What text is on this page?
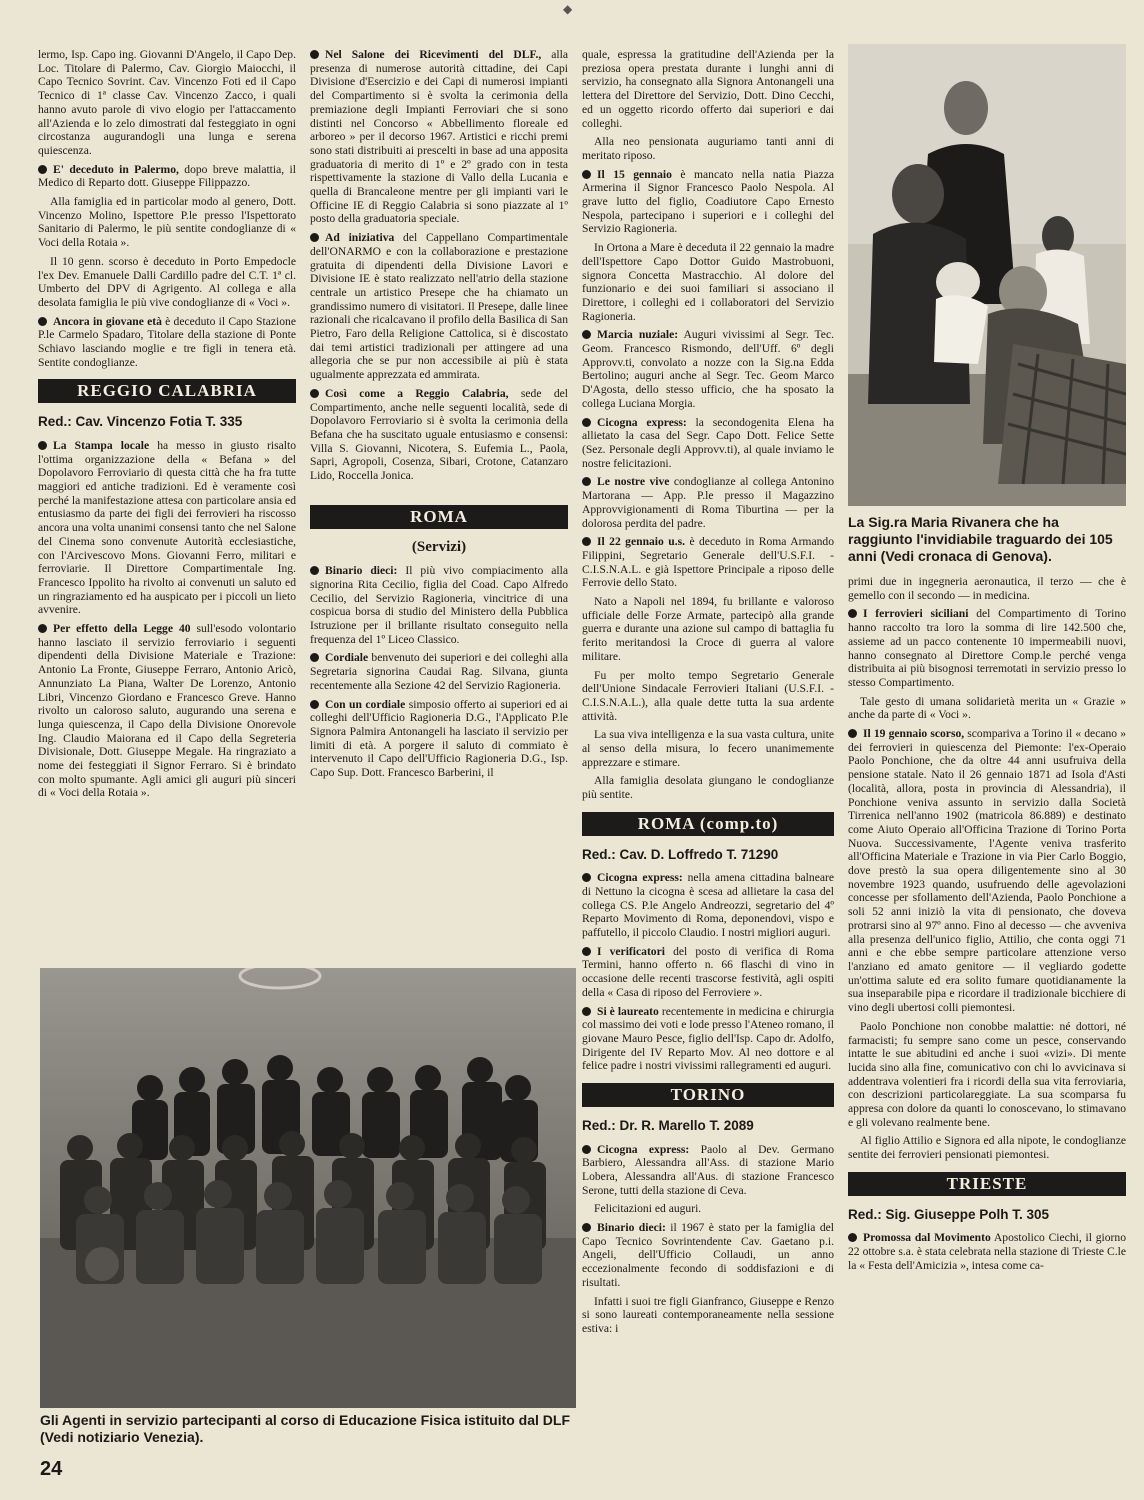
◆

lermo, Isp. Capo ing. Giovanni D'Angelo, il Capo Dep. Loc. Titolare di Palermo, Cav. Giorgio Maiocchi, il Capo Tecnico Sovrint. Cav. Vincenzo Foti ed il Capo Tecnico di 1ª classe Cav. Vincenzo Zacco, i quali hanno avuto parole di vivo elogio per l'attaccamento all'Azienda e lo zelo dimostrati dal festeggiato in ogni circostanza augurandogli una lunga e serena quiescenza.

E' deceduto in Palermo, dopo breve malattia, il Medico di Reparto dott. Giuseppe Filippazzo.

Alla famiglia ed in particolar modo al genero, Dott. Vincenzo Molino, Ispettore P.le presso l'Ispettorato Sanitario di Palermo, le più sentite condoglianze di « Voci della Rotaia ».

Il 10 genn. scorso è deceduto in Porto Empedocle l'ex Dev. Emanuele Dalli Cardillo padre del C.T. 1ª cl. Umberto del DPV di Agrigento. Al collega e alla desolata famiglia le più vive condoglianze di « Voci ».

Ancora in giovane età è deceduto il Capo Stazione P.le Carmelo Spadaro, Titolare della stazione di Ponte Schiavo lasciando moglie e tre figli in tenera età. Sentite condoglianze.

REGGIO CALABRIA
Red.: Cav. Vincenzo Fotia T. 335

La Stampa locale ha messo in giusto risalto l'ottima organizzazione della « Befana » del Dopolavoro Ferroviario di questa città che ha fra tutte maggiori ed antiche tradizioni. Ed è veramente così perché la manifestazione attesa con particolare ansia ed entusiasmo da parte dei figli dei ferrovieri ha riscosso ancora una volta unanimi consensi tanto che nel Salone del Cinema sono convenute Autorità ecclesiastiche, con l'Arcivescovo Mons. Giovanni Ferro, militari e ferroviarie. Il Direttore Compartimentale Ing. Francesco Ippolito ha rivolto ai convenuti un saluto ed un ringraziamento ed ha auspicato per i piccoli un lieto avvenire.

Per effetto della Legge 40 sull'esodo volontario hanno lasciato il servizio ferroviario i seguenti dipendenti della Divisione Materiale e Trazione: Antonio La Fronte, Giuseppe Ferraro, Antonio Aricò, Annunziato La Piana, Walter De Lorenzo, Antonio Libri, Vincenzo Giordano e Francesco Greve. Hanno rivolto un caloroso saluto, augurando una serena e lunga quiescenza, il Capo della Divisione Onorevole Ing. Claudio Maiorana ed il Capo della Segreteria Divisionale, Dott. Giuseppe Megale. Ha ringraziato a nome dei festeggiati il Signor Ferraro. Si è brindato con molto spumante. Agli amici gli auguri più sinceri di « Voci della Rotaia ».

Nel Salone dei Ricevimenti del DLF., alla presenza di numerose autorità cittadine, dei Capi Divisione d'Esercizio e dei Capi di numerosi impianti del Compartimento si è svolta la cerimonia della premiazione degli Impianti Ferroviari che si sono distinti nel Concorso « Abbellimento floreale ed arboreo » per il decorso 1967. Artistici e ricchi premi sono stati distribuiti ai prescelti in base ad una apposita graduatoria di merito di 1º e 2º grado con in testa rispettivamente la stazione di Vallo della Lucania e quella di Brancaleone mentre per gli impianti vari le Officine IE di Reggio Calabria si sono piazzate al 1º posto della graduatoria speciale.

Ad iniziativa del Cappellano Compartimentale dell'ONARMO e con la collaborazione e prestazione gratuita di dipendenti della Divisione Lavori e Divisione IE è stato realizzato nell'atrio della stazione centrale un artistico Presepe che ha chiamato un grandissimo numero di visitatori. Il Presepe, dalle linee razionali che ricalcavano il profilo della Basilica di San Pietro, Faro della Religione Cattolica, si è discostato dai temi artistici tradizionali per attingere ad una allegoria che se pur non accessibile ai più è stata ugualmente apprezzata ed ammirata.

Così come a Reggio Calabria, sede del Compartimento, anche nelle seguenti località, sede di Dopolavoro Ferroviario si è svolta la cerimonia della Befana che ha suscitato uguale entusiasmo e consensi: Villa S. Giovanni, Nicotera, S. Eufemia L., Paola, Sapri, Agropoli, Cosenza, Sibari, Crotone, Catanzaro Lido, Roccella Jonica.

ROMA
(Servizi)

Binario dieci: Il più vivo compiacimento alla signorina Rita Cecilio, figlia del Coad. Capo Alfredo Cecilio, del Servizio Ragioneria, vincitrice di una cospicua borsa di studio del Ministero della Pubblica Istruzione per il brillante risultato conseguito nella frequenza del 1º Liceo Classico.

Cordiale benvenuto dei superiori e dei colleghi alla Segretaria signorina Caudai Rag. Silvana, giunta recentemente alla Sezione 42 del Servizio Ragioneria.

Con un cordiale simposio offerto ai superiori ed ai colleghi dell'Ufficio Ragioneria D.G., l'Applicato P.le Signora Palmira Antonangeli ha lasciato il servizio per limiti di età. A porgere il saluto di commiato è intervenuto il Capo dell'Ufficio Ragioneria D.G., Isp. Capo Sup. Dott. Francesco Barberini, il

Gli Agenti in servizio partecipanti al corso di Educazione Fisica istituito dal DLF (Vedi notiziario Venezia).

quale, espressa la gratitudine dell'Azienda per la preziosa opera prestata durante i lunghi anni di servizio, ha consegnato alla Signora Antonangeli una lettera del Direttore del Servizio, Dott. Dino Cecchi, ed un oggetto ricordo offerto dai superiori e dai colleghi.

Alla neo pensionata auguriamo tanti anni di meritato riposo.

Il 15 gennaio è mancato nella natia Piazza Armerina il Signor Francesco Paolo Nespola. Al grave lutto del figlio, Coadiutore Capo Ernesto Nespola, partecipano i superiori e i colleghi del Servizio Ragioneria.

In Ortona a Mare è deceduta il 22 gennaio la madre dell'Ispettore Capo Dottor Guido Mastrobuoni, signora Concetta Mastracchio. Al dolore del funzionario e dei suoi familiari si associano il Direttore, i colleghi ed i collaboratori del Servizio Ragioneria.

Marcia nuziale: Auguri vivissimi al Segr. Tec. Geom. Francesco Rismondo, dell'Uff. 6º degli Approvv.ti, convolato a nozze con la Sig.na Edda Bertolino; auguri anche al Segr. Tec. Geom Marco D'Agosta, dello stesso ufficio, che ha sposato la collega Luciana Morgia.

Cicogna express: la secondogenita Elena ha allietato la casa del Segr. Capo Dott. Felice Sette (Sez. Personale degli Approvv.ti), al quale inviamo le nostre felicitazioni.

Le nostre vive condoglianze al collega Antonino Martorana — App. P.le presso il Magazzino Approvvigionamenti di Roma Tiburtina — per la dolorosa perdita del padre.

Il 22 gennaio u.s. è deceduto in Roma Armando Filippini, Segretario Generale dell'U.S.F.I. - C.I.S.N.A.L. e già Ispettore Principale a riposo delle Ferrovie dello Stato.

Nato a Napoli nel 1894, fu brillante e valoroso ufficiale delle Forze Armate, partecipò alla grande guerra e durante una azione sul campo di battaglia fu ferito meritandosi la Croce di guerra al valore militare.

Fu per molto tempo Segretario Generale dell'Unione Sindacale Ferrovieri Italiani (U.S.F.I. - C.I.S.N.A.L.), alla quale dette tutta la sua ardente attività.

La sua viva intelligenza e la sua vasta cultura, unite al senso della misura, lo fecero unanimemente apprezzare e stimare.

Alla famiglia desolata giungano le condoglianze più sentite.

ROMA (comp.to)
Red.: Cav. D. Loffredo T. 71290

Cicogna express: nella amena cittadina balneare di Nettuno la cicogna è scesa ad allietare la casa del collega CS. P.le Angelo Andreozzi, segretario del 4º Reparto Movimento di Roma, deponendovi, vispo e paffutello, il piccolo Claudio. I nostri migliori auguri.

I verificatori del posto di verifica di Roma Termini, hanno offerto n. 66 flaschi di vino in occasione delle recenti trascorse festività, agli ospiti della « Casa di riposo del Ferroviere ».

Si è laureato recentemente in medicina e chirurgia col massimo dei voti e lode presso l'Ateneo romano, il giovane Mauro Pesce, figlio dell'Isp. Capo dr. Adolfo, Dirigente del IV Reparto Mov. Al neo dottore e al felice padre i nostri vivissimi rallegramenti ed auguri.

TORINO
Red.: Dr. R. Marello T. 2089

Cicogna express: Paolo al Dev. Germano Barbiero, Alessandra all'Ass. di stazione Mario Lobera, Alessandra all'Aus. di stazione Francesco Serone, tutti della stazione di Ceva.

Felicitazioni ed auguri.

Binario dieci: il 1967 è stato per la famiglia del Capo Tecnico Sovrintendente Cav. Gaetano p.i. Angeli, dell'Ufficio Collaudi, un anno eccezionalmente fecondo di soddisfazioni e di risultati.

Infatti i suoi tre figli Gianfranco, Giuseppe e Renzo si sono laureati contemporaneamente nella sessione estiva: i

La Sig.ra Maria Rivanera che ha raggiunto l'invidiabile traguardo dei 105 anni (Vedi cronaca di Genova).

primi due in ingegneria aeronautica, il terzo — che è gemello con il secondo — in medicina.

I ferrovieri siciliani del Compartimento di Torino hanno raccolto tra loro la somma di lire 142.500 che, assieme ad un pacco contenente 10 impermeabili nuovi, hanno consegnato al Direttore Comp.le perché venga distribuita ai più bisognosi terremotati in servizio presso lo stesso Compartimento.

Tale gesto di umana solidarietà merita un « Grazie » anche da parte di « Voci ».

Il 19 gennaio scorso, scompariva a Torino il « decano » dei ferrovieri in quiescenza del Piemonte: l'ex-Operaio Paolo Ponchione, che da oltre 44 anni usufruiva della pensione statale. Nato il 26 gennaio 1871 ad Isola d'Asti (località, allora, posta in provincia di Alessandria), il Ponchione veniva assunto in servizio dalla Società Tirrenica nell'anno 1902 (matricola 86.889) e destinato come Aiuto Operaio all'Officina Trazione di Torino Porta Nuova. Successivamente, l'Agente veniva trasferito all'Officina Materiale e Trazione in via Pier Carlo Boggio, dove prestò la sua opera diligentemente sino al 30 novembre 1923 quando, usufruendo delle agevolazioni concesse per sfollamento dell'Azienda, Paolo Ponchione a soli 52 anni iniziò la vita di pensionato, che doveva protrarsi sino al 97º anno. Fino al decesso — che avveniva alla presenza dell'unico figlio, Attilio, che conta oggi 71 anni e che ebbe sempre particolare attenzione verso l'anziano ed amato genitore — il vegliardo godette un'ottima salute ed era solito fumare quotidianamente la sua inseparabile pipa e ricordare il tradizionale bicchiere di vino degli ubertosi colli piemontesi.

Paolo Ponchione non conobbe malattie: né dottori, né farmacisti; fu sempre sano come un pesce, conservando intatte le sue abitudini ed anche i suoi «vizi». Di mente lucida sino alla fine, comunicativo con chi lo avvicinava si addentrava volentieri fra i ricordi della sua vita ferroviaria, con descrizioni particolareggiate. La sua scomparsa fu appresa con dolore da quanti lo conoscevano, lo stimavano e gli volevano realmente bene.

Al figlio Attilio e Signora ed alla nipote, le condoglianze sentite dei ferrovieri pensionati piemontesi.

TRIESTE
Red.: Sig. Giuseppe Polh T. 305

Promossa dal Movimento Apostolico Ciechi, il giorno 22 ottobre s.a. è stata celebrata nella stazione di Trieste C.le la « Festa dell'Amicizia », intesa come ca-

24
